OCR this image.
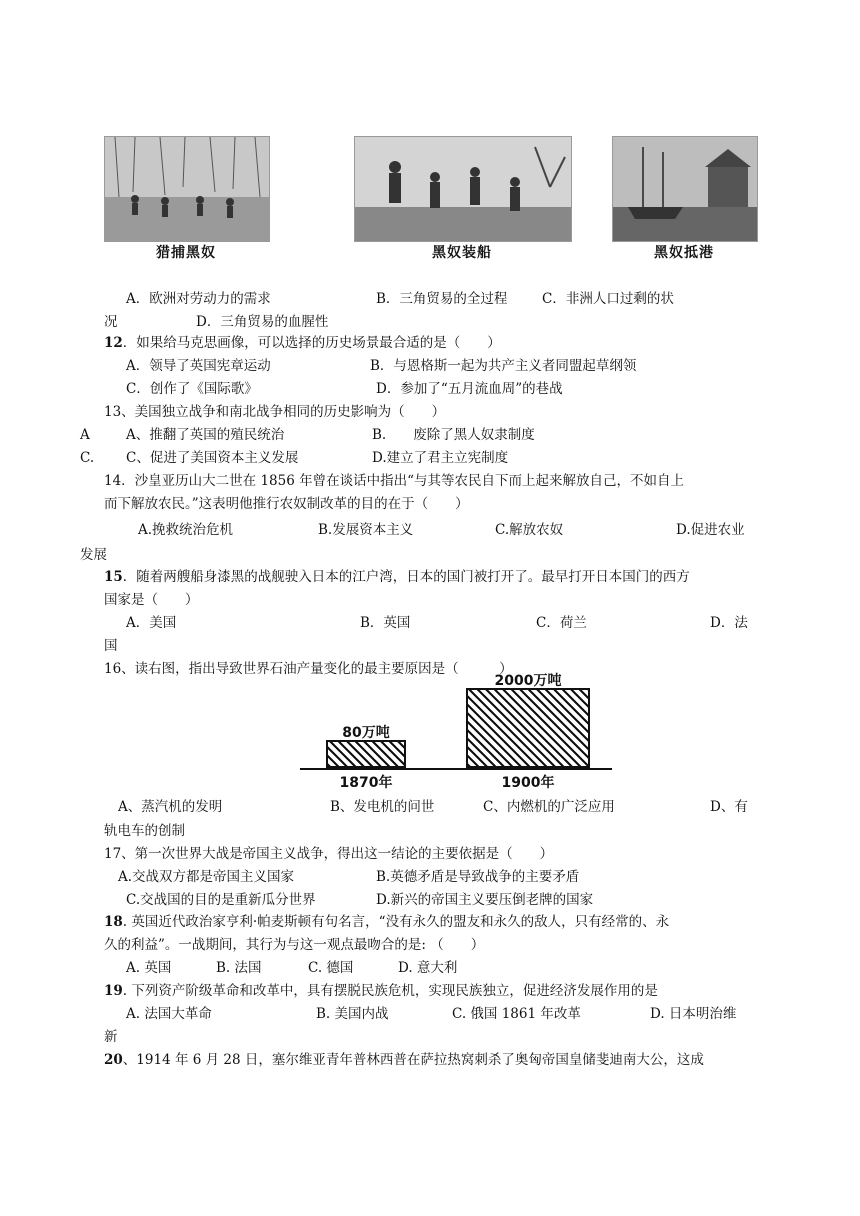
猎捕黑奴	黑奴装船	黑奴抵港
A．欧洲对劳动力的需求	B．三角贸易的全过程	C．非洲人口过剩的状
况	D．三角贸易的血腥性
12．如果给马克思画像，可以选择的历史场景最合适的是（　　）
A．领导了英国宪章运动	B．与恩格斯一起为共产主义者同盟起草纲领
C．创作了《国际歌》	D．参加了“五月流血周”的巷战
13、美国独立战争和南北战争相同的历史影响为（　　）
A	A、推翻了英国的殖民统治	B.　　废除了黑人奴隶制度
C. C、促进了美国资本主义发展	D.建立了君主立宪制度
14．沙皇亚历山大二世在 1856 年曾在谈话中指出“与其等农民自下而上起来解放自己，不如自上
而下解放农民。”这表明他推行农奴制改革的目的在于（　　）
A.挽救统治危机	B.发展资本主义	C.解放农奴	D.促进农业
发展
15．随着两艘船身漆黑的战舰驶入日本的江户湾，日本的国门被打开了。最早打开日本国门的西方
国家是（　　）
A．美国	B．英国	C．荷兰	D．法
国
16、读右图，指出导致世界石油产量变化的最主要原因是（　　　）
80万吨
2000万吨
1870年	1900年
A、蒸汽机的发明	B、发电机的问世	C、内燃机的广泛应用	D、有
轨电车的创制
17、第一次世界大战是帝国主义战争，得出这一结论的主要依据是（　　）
A.交战双方都是帝国主义国家	B.英德矛盾是导致战争的主要矛盾
C.交战国的目的是重新瓜分世界	D.新兴的帝国主义要压倒老牌的国家
18. 英国近代政治家亨利·帕麦斯顿有句名言，“没有永久的盟友和永久的敌人，只有经常的、永
久的利益”。一战期间，其行为与这一观点最吻合的是: （　　）
A. 英国	B. 法国	C. 德国	D. 意大利
19. 下列资产阶级革命和改革中，具有摆脱民族危机，实现民族独立，促进经济发展作用的是
A. 法国大革命	B. 美国内战	C. 俄国 1861 年改革	D. 日本明治维
新
20、1914 年 6 月 28 日，塞尔维亚青年普林西普在萨拉热窝刺杀了奥匈帝国皇储斐迪南大公，这成
